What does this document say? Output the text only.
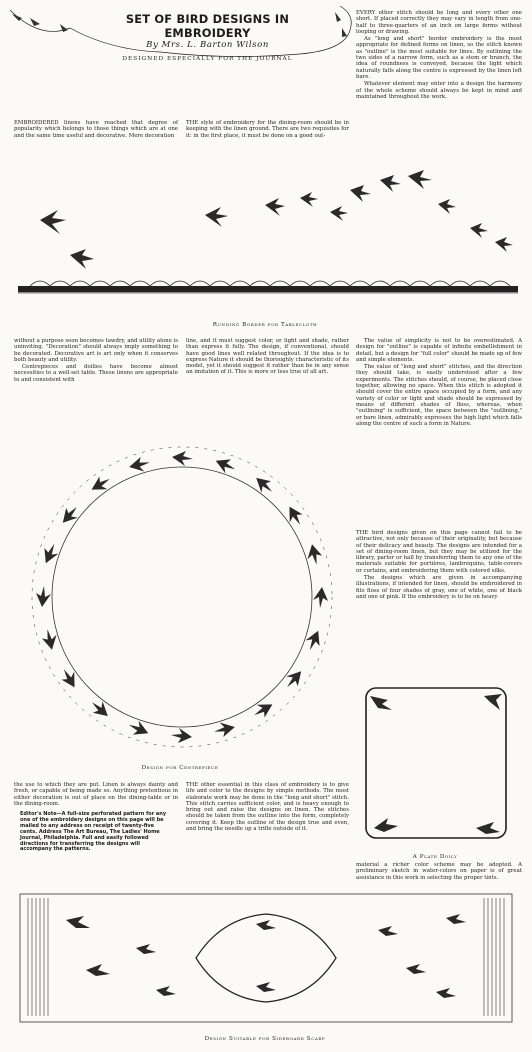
SET OF BIRD DESIGNS IN EMBROIDERY
By Mrs. L. Barton Wilson
DESIGNED ESPECIALLY FOR THE JOURNAL

EVERY other stitch should be long and every other one short. If placed correctly they may vary in length from one-half to three-quarters of an inch on large forms without looping or drawing.

As "long and short" border embroidery is the most appropriate for defined forms on linen, so the stitch known as "outline" is the most suitable for lines. By outlining the two sides of a narrow form, such as a stem or branch, the idea of roundness is conveyed, because the light which naturally falls along the centre is expressed by the linen left bare.

Whatever element may enter into a design the harmony of the whole scheme should always be kept in mind and maintained throughout the work.

EMBROIDERED linens have reached that degree of popularity which belongs to those things which are at one and the same time useful and decorative. Mere decoration

THE style of embroidery for the dining-room should be in keeping with the linen ground. There are two requisites for it: in the first place, it must be done on a good out-

Running Border for Tablecloth

without a purpose soon becomes tawdry, and utility alone is uninviting. "Decoration" should always imply something to be decorated. Decorative art is art only when it conserves both beauty and utility.

Centrepieces and doilies have become almost necessities to a well-set table. These linens are appropriate to and consistent with

line, and it must suggest color, or light and shade, rather than express it fully. The design, if conventional, should have good lines well related throughout. If the idea is to express Nature it should be thoroughly characteristic of its model, yet it should suggest it rather than be in any sense an imitation of it. This is more or less true of all art.

The value of simplicity is not to be overestimated. A design for "outline" is capable of infinite embellishment in detail, but a design for "full color" should be made up of few and simple elements.

The value of "long and short" stitches, and the direction they should take, is easily understood after a few experiments. The stitches should, of course, be placed close together, allowing no space. When this stitch is adopted it should cover the entire space occupied by a form, and any variety of color or light and shade should be expressed by means of different shades of floss, whereas, when "outlining" is sufficient, the space between the "outlining," or bare linen, admirably expresses the high light which falls along the centre of such a form in Nature.

THE bird designs given on this page cannot fail to be attractive, not only because of their originality, but because of their delicacy and beauty. The designs are intended for a set of dining-room linen, but they may be utilized for the library, parlor or hall by transferring them to any one of the materials suitable for portières, lambrequins, table-covers or curtains, and embroidering them with colored silks.

The designs which are given in accompanying illustrations, if intended for linen, should be embroidered in filo floss of four shades of gray, one of white, one of black and one of pink. If the embroidery is to be on heavy

Design for Centrepiece
A Plate Doily

the use to which they are put. Linen is always dainty and fresh, or capable of being made so. Anything pretentious in either decoration is out of place on the dining-table or in the dining-room.

Editor's Note—A full-size perforated pattern for any one of the embroidery designs on this page will be mailed to any address on receipt of twenty-five cents. Address The Art Bureau, The Ladies' Home Journal, Philadelphia. Full and easily followed directions for transferring the designs will accompany the patterns.

THE other essential in this class of embroidery is to give life and color to the designs by simple methods. The most elaborate work may be done in the "long and short" stitch. This stitch carries sufficient color, and is heavy enough to bring out and raise the designs on linen. The stitches should be taken from the outline into the form, completely covering it. Keep the outline of the design true and even, and bring the needle up a trifle outside of it.

material a richer color scheme may be adopted. A preliminary sketch in water-colors on paper is of great assistance in this work in selecting the proper tints.

Design Suitable for Sideboard Scarf
